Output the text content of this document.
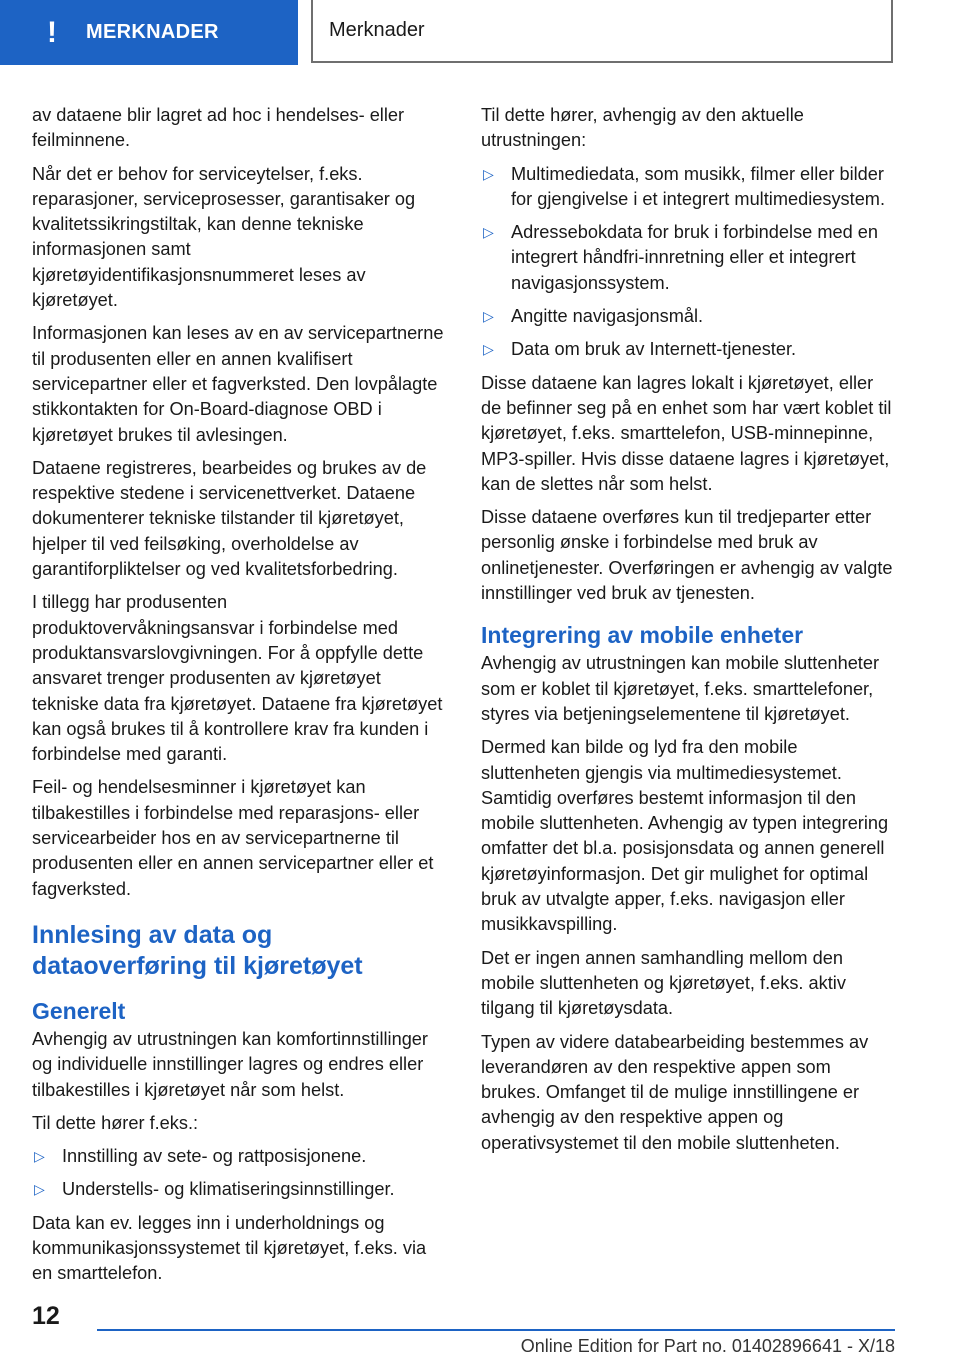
!	MERKNADER	Merknader

av dataene blir lagret ad hoc i hendelses- eller feilminnene.

Når det er behov for serviceytelser, f.eks. reparasjoner, serviceprosesser, garantisaker og kvalitetssikringstiltak, kan denne tekniske informasjonen samt kjøretøyidentifikasjonsnummeret leses av kjøretøyet.

Informasjonen kan leses av en av servicepartnerne til produsenten eller en annen kvalifisert servicepartner eller et fagverksted. Den lovpålagte stikkontakten for On-Board-diagnose OBD i kjøretøyet brukes til avlesingen.

Dataene registreres, bearbeides og brukes av de respektive stedene i servicenettverket. Dataene dokumenterer tekniske tilstander til kjøretøyet, hjelper til ved feilsøking, overholdelse av garantiforpliktelser og ved kvalitetsforbedring.

I tillegg har produsenten produktovervåkningsansvar i forbindelse med produktansvarslovgivningen. For å oppfylle dette ansvaret trenger produsenten av kjøretøyet tekniske data fra kjøretøyet. Dataene fra kjøretøyet kan også brukes til å kontrollere krav fra kunden i forbindelse med garanti.

Feil- og hendelsesminner i kjøretøyet kan tilbakestilles i forbindelse med reparasjons- eller servicearbeider hos en av servicepartnerne til produsenten eller en annen servicepartner eller et fagverksted.

Innlesing av data og dataoverføring til kjøretøyet
Generelt

Avhengig av utrustningen kan komfortinnstillinger og individuelle innstillinger lagres og endres eller tilbakestilles i kjøretøyet når som helst.

Til dette hører f.eks.:

▷ Innstilling av sete- og rattposisjonene.
▷ Understells- og klimatiseringsinnstillinger.

Data kan ev. legges inn i underholdnings og kommunikasjonssystemet til kjøretøyet, f.eks. via en smarttelefon.

Til dette hører, avhengig av den aktuelle utrustningen:

▷ Multimediedata, som musikk, filmer eller bilder for gjengivelse i et integrert multimediesystem.
▷ Adressebokdata for bruk i forbindelse med en integrert håndfri-innretning eller et integrert navigasjonssystem.
▷ Angitte navigasjonsmål.
▷ Data om bruk av Internett-tjenester.

Disse dataene kan lagres lokalt i kjøretøyet, eller de befinner seg på en enhet som har vært koblet til kjøretøyet, f.eks. smarttelefon, USB-minnepinne, MP3-spiller. Hvis disse dataene lagres i kjøretøyet, kan de slettes når som helst.

Disse dataene overføres kun til tredjeparter etter personlig ønske i forbindelse med bruk av onlinetjenester. Overføringen er avhengig av valgte innstillinger ved bruk av tjenesten.

Integrering av mobile enheter

Avhengig av utrustningen kan mobile sluttenheter som er koblet til kjøretøyet, f.eks. smarttelefoner, styres via betjeningselementene til kjøretøyet.

Dermed kan bilde og lyd fra den mobile sluttenheten gjengis via multimediesystemet. Samtidig overføres bestemt informasjon til den mobile sluttenheten. Avhengig av typen integrering omfatter det bl.a. posisjonsdata og annen generell kjøretøyinformasjon. Det gir mulighet for optimal bruk av utvalgte apper, f.eks. navigasjon eller musikkavspilling.

Det er ingen annen samhandling mellom den mobile sluttenheten og kjøretøyet, f.eks. aktiv tilgang til kjøretøysdata.

Typen av videre databearbeiding bestemmes av leverandøren av den respektive appen som brukes. Omfanget til de mulige innstillingene er avhengig av den respektive appen og operativsystemet til den mobile sluttenheten.

12
Online Edition for Part no. 01402896641 - X/18
